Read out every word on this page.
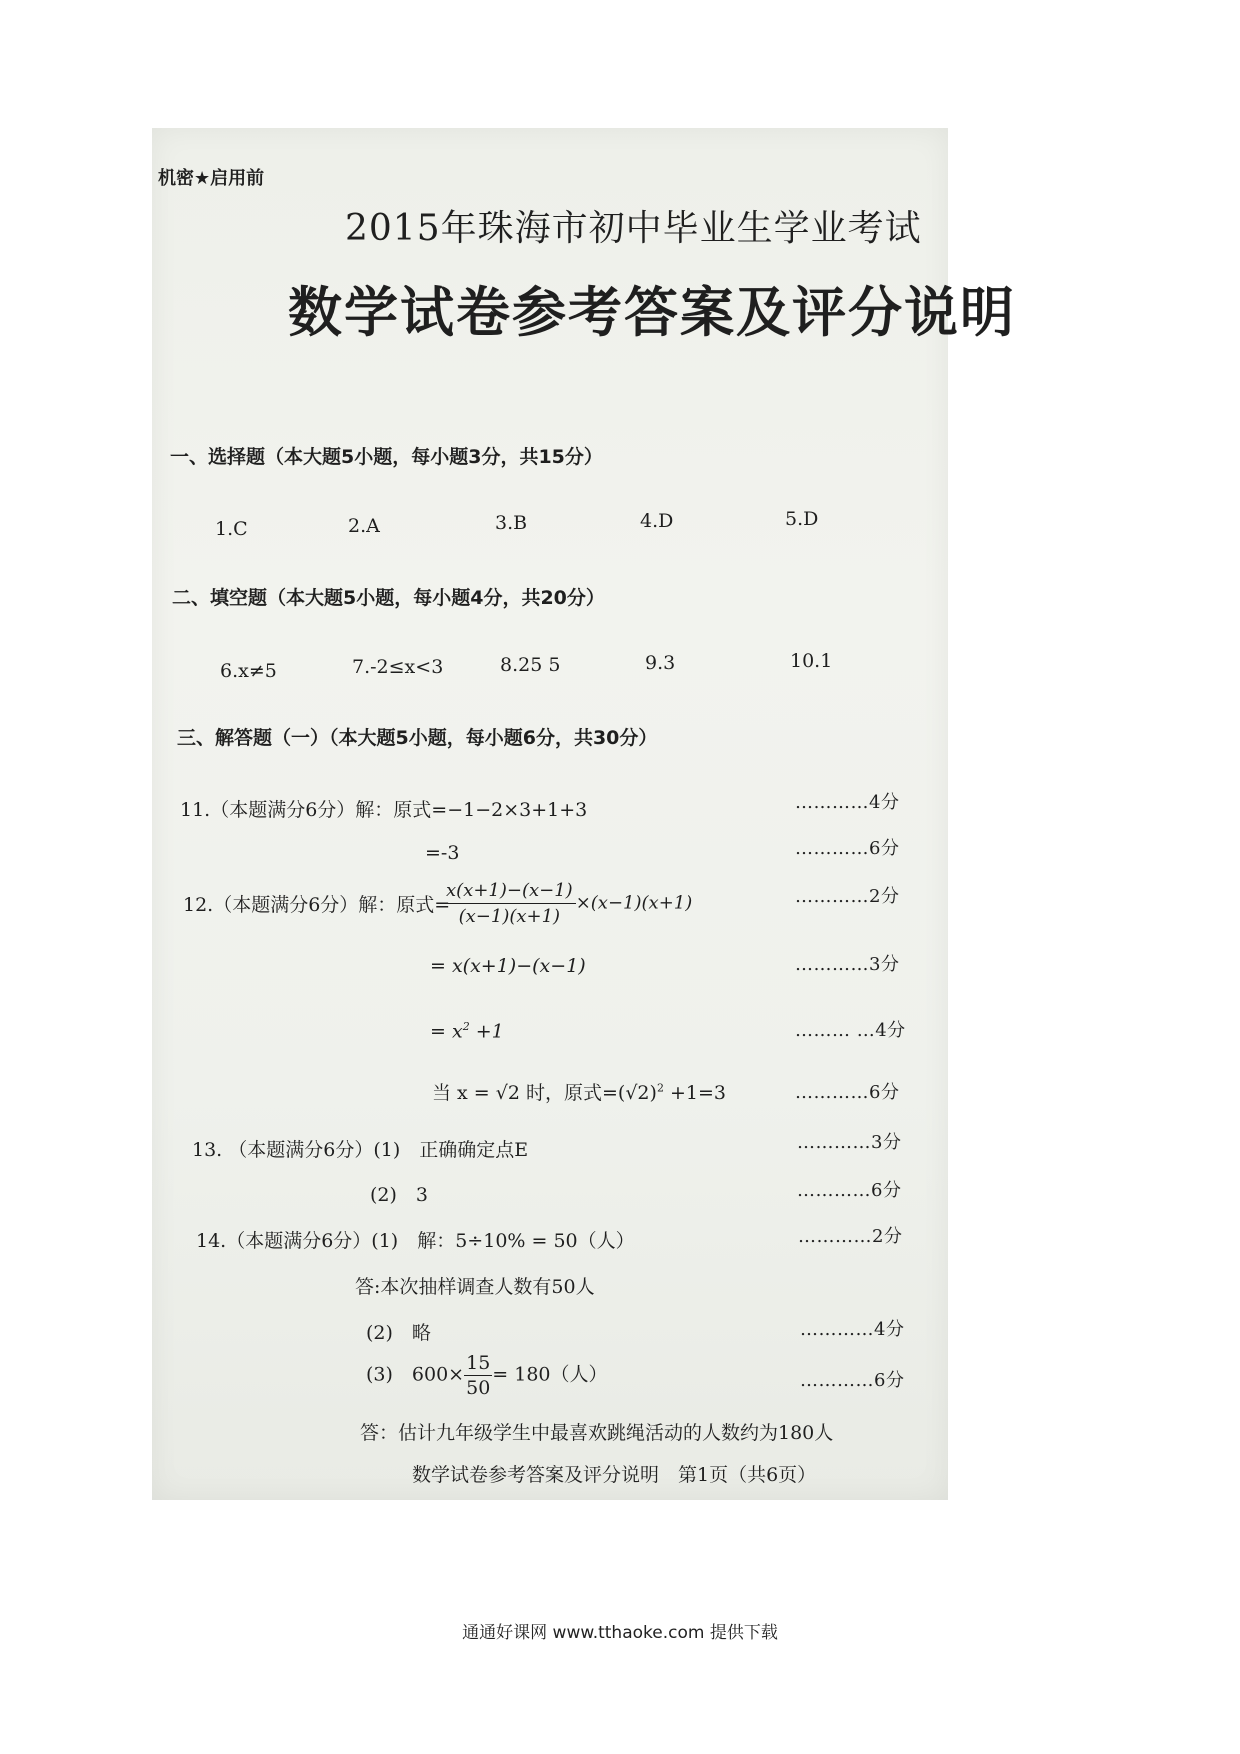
机密★启用前
2015年珠海市初中毕业生学业考试
数学试卷参考答案及评分说明
一、选择题（本大题5小题，每小题3分，共15分）
1.C	2.A	3.B	4.D	5.D
二、填空题（本大题5小题，每小题4分，共20分）
6.x≠5	7.-2≤x<3	8.25 5	9.3	10.1
三、解答题（一）（本大题5小题，每小题6分，共30分）
11.（本题满分6分）解：原式=−1−2×3+1+3	…………4分
=-3	…………6分
12.（本题满分6分）解：原式=
$\frac{x(x+1)-(x-1)}{(x-1)(x+1)} \times(x-1)(x+1)$	…………2分
= x(x+1)−(x−1)	…………3分
= $x^2 +1$	……… …4分
当 x = √2 时，原式$=(√2)^2 +1=3$	…………6分
13. （本题满分6分）(1)　正确确定点E	…………3分
(2)　3	…………6分
14.（本题满分6分）(1)　解：5÷10% = 50（人）	…………2分
答:本次抽样调查人数有50人
(2)　略	…………4分
(3)　$600\times \frac{15}{50} = 180$（人）	…………6分
答：估计九年级学生中最喜欢跳绳活动的人数约为180人
数学试卷参考答案及评分说明　第1页（共6页）
通通好课网 www.tthaoke.com 提供下载
